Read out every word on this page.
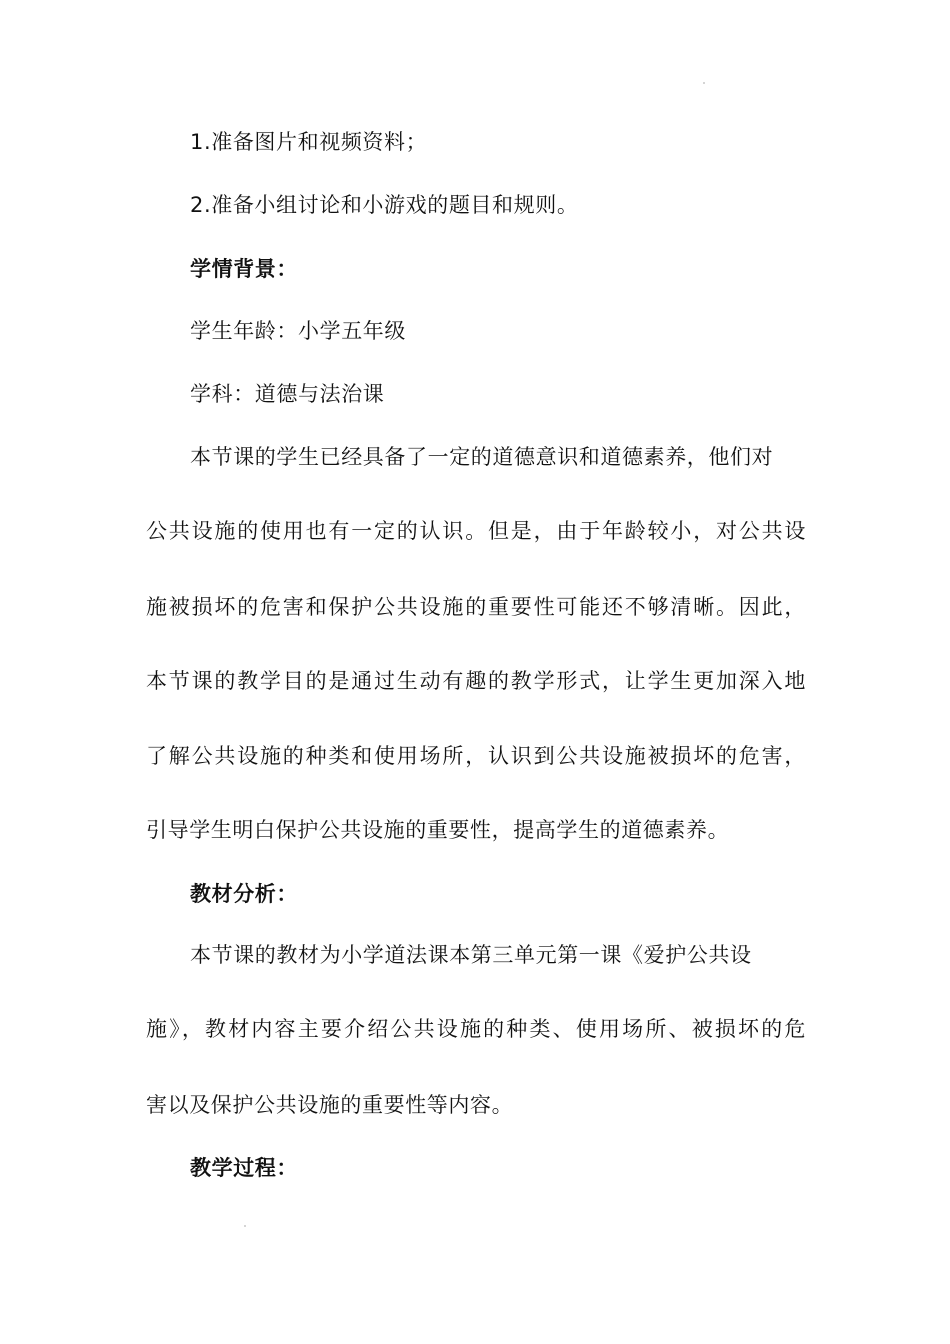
1.准备图片和视频资料；
2.准备小组讨论和小游戏的题目和规则。
学情背景：
学生年龄：小学五年级
学科：道德与法治课
本节课的学生已经具备了一定的道德意识和道德素养，他们对
公共设施的使用也有一定的认识。但是，由于年龄较小，对公共设
施被损坏的危害和保护公共设施的重要性可能还不够清晰。因此，
本节课的教学目的是通过生动有趣的教学形式，让学生更加深入地
了解公共设施的种类和使用场所，认识到公共设施被损坏的危害，
引导学生明白保护公共设施的重要性，提高学生的道德素养。
教材分析：
本节课的教材为小学道法课本第三单元第一课《爱护公共设
施》，教材内容主要介绍公共设施的种类、使用场所、被损坏的危
害以及保护公共设施的重要性等内容。
教学过程：
